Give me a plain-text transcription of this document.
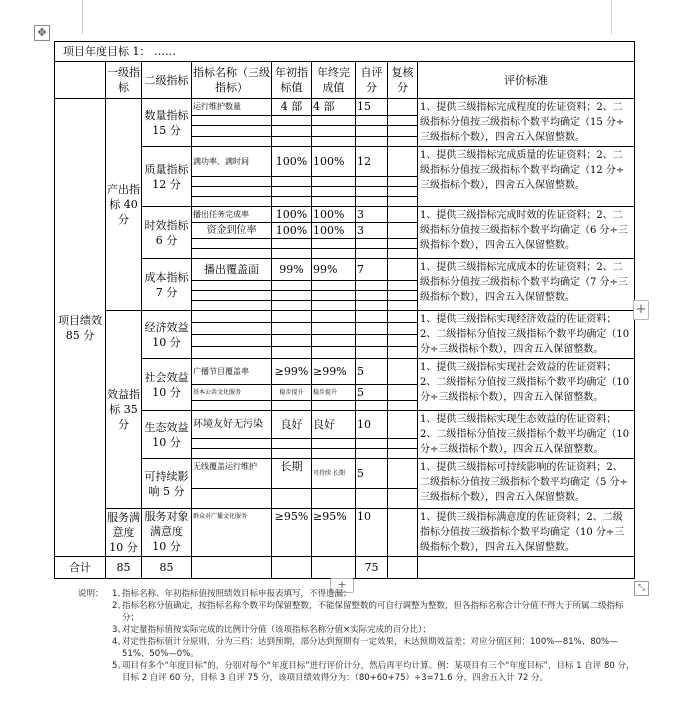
✥
项目年度目标 1： ……								
	一级指标	二级指标	指标名称（三级指标）	年初指标值	年终完成值	自评分	复核分	评价标准
项目绩效 85 分	产出指标 40 分	数量指标 15 分	运行维护数量	4 部	4 部	15		1、提供三级指标完成程度的佐证资料；2、二级指标分值按三级指标个数平均确定（15 分÷三级指标个数），四舍五入保留整数。

		质量指标 12 分	满功率、满时间	100%	100%	12		1、提供三级指标完成质量的佐证资料；2、二级指标分值按三级指标个数平均确定（12 分÷三级指标个数），四舍五入保留整数。

		时效指标 6 分	播出任务完成率	100%	100%	3		1、提供三级指标完成时效的佐证资料；2、二级指标分值按三级指标个数平均确定（6 分÷三级指标个数），四舍五入保留整数。
			资金到位率	100%	100%	3		

		成本指标 7 分	播出覆盖面	99%	99%	7		1、提供三级指标完成成本的佐证资料；2、二级指标分值按三级指标个数平均确定（7 分÷三级指标个数），四舍五入保留整数。

	效益指标 35 分	经济效益 10 分						1、提供三级指标实现经济效益的佐证资料；2、二级指标分值按三级指标个数平均确定（10 分÷三级指标个数），四舍五入保留整数。

		社会效益 10 分	广播节目覆盖率	≥99%	≥99%	5		1、提供三级指标实现社会效益的佐证资料；2、二级指标分值按三级指标个数平均确定（10 分÷三级指标个数），四舍五入保留整数。
			基本公共文化服务	稳步提升	稳步提升	5		

		生态效益 10 分	环境友好无污染	良好	良好	10		1、提供三级指标实现生态效益的佐证资料；2、二级指标分值按三级指标个数平均确定（10 分÷三级指标个数），四舍五入保留整数。

		可持续影响 5 分	无线覆盖运行维护	长期	可持续 长期	5		1、提供三级指标可持续影响的佐证资料；2、二级指标分值按三级指标个数平均确定（5 分÷三级指标个数），四舍五入保留整数。

	服务满意度 10 分	服务对象满意度 10 分	群众对广播文化服务	≥95%	≥95%	10		1、提供三级指标满意度的佐证资料；2、二级指标分值按三级指标个数平均确定（10 分÷三级指标个数），四舍五入保留整数。
合计	85	85				75		
+
+	⤡
说明： 1、
指标名称、年初指标值按照绩效目标申报表填写，不得遗漏；
2、
指标名称分值确定，按指标名称个数平均保留整数，不能保留整数的可自行调整为整数，但各指标名称合计分值不得大于所属二级指标分；
3、
对定量指标值按实际完成的比例计分值（该项指标名称分值×实际完成的百分比）；
4、
对定性指标值计分原则，分为三档：达到预期，部分达到预期有一定效果，未达预期效益差；对应分值区间：100%—81%、80%—51%、50%—0%。
5、
项目有多个“年度目标”的，分别对每个“年度目标”进行评价计分，然后再平均计算。例：某项目有三个“年度目标”，目标 1 自评 80 分，目标 2 自评 60 分，目标 3 自评 75 分，该项目绩效得分为：（80+60+75）÷3=71.6 分，四舍五入计 72 分。
